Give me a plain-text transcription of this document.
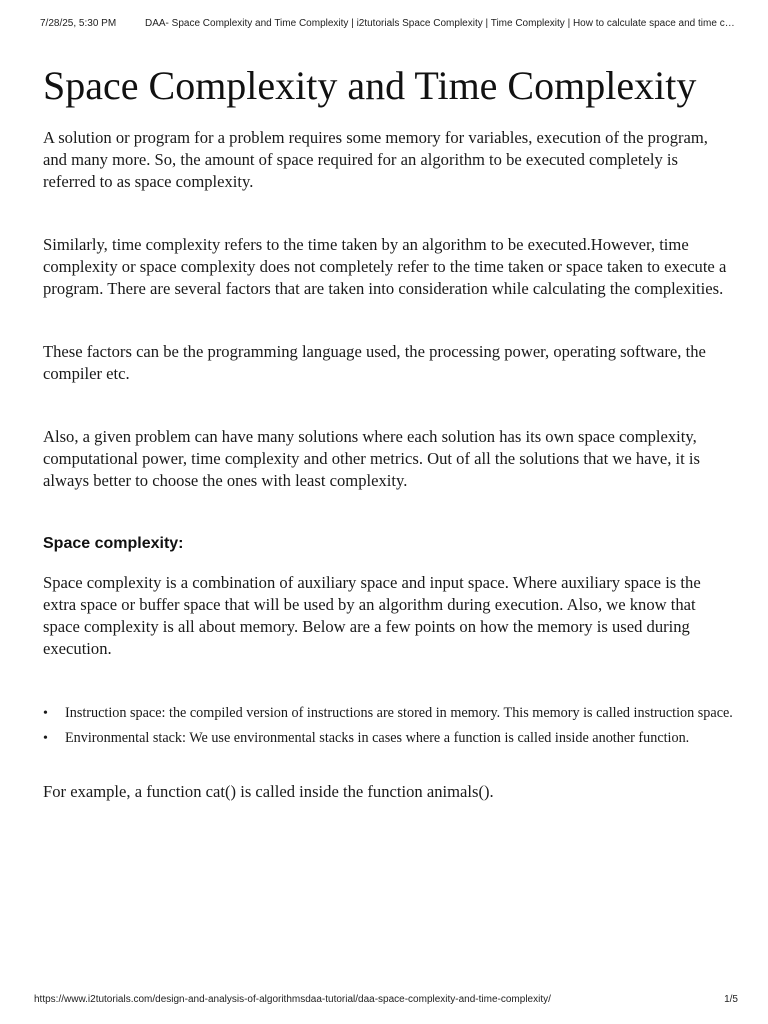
7/28/25, 5:30 PM	DAA- Space Complexity and Time Complexity | i2tutorials Space Complexity | Time Complexity | How to calculate space and time c…
Space Complexity and Time Complexity

A solution or program for a problem requires some memory for variables, execution of the program, and many more. So, the amount of space required for an algorithm to be executed completely is referred to as space complexity.

Similarly, time complexity refers to the time taken by an algorithm to be executed.However, time complexity or space complexity does not completely refer to the time taken or space taken to execute a program. There are several factors that are taken into consideration while calculating the complexities.

These factors can be the programming language used, the processing power, operating software, the compiler etc.

Also, a given problem can have many solutions where each solution has its own space complexity, computational power, time complexity and other metrics. Out of all the solutions that we have, it is always better to choose the ones with least complexity.

Space complexity:

Space complexity is a combination of auxiliary space and input space. Where auxiliary space is the extra space or buffer space that will be used by an algorithm during execution. Also, we know that space complexity is all about memory. Below are a few points on how the memory is used during execution.

• Instruction space: the compiled version of instructions are stored in memory. This memory is called instruction space.
• Environmental stack: We use environmental stacks in cases where a function is called inside another function.

For example, a function cat() is called inside the function animals().

https://www.i2tutorials.com/design-and-analysis-of-algorithmsdaa-tutorial/daa-space-complexity-and-time-complexity/	1/5
